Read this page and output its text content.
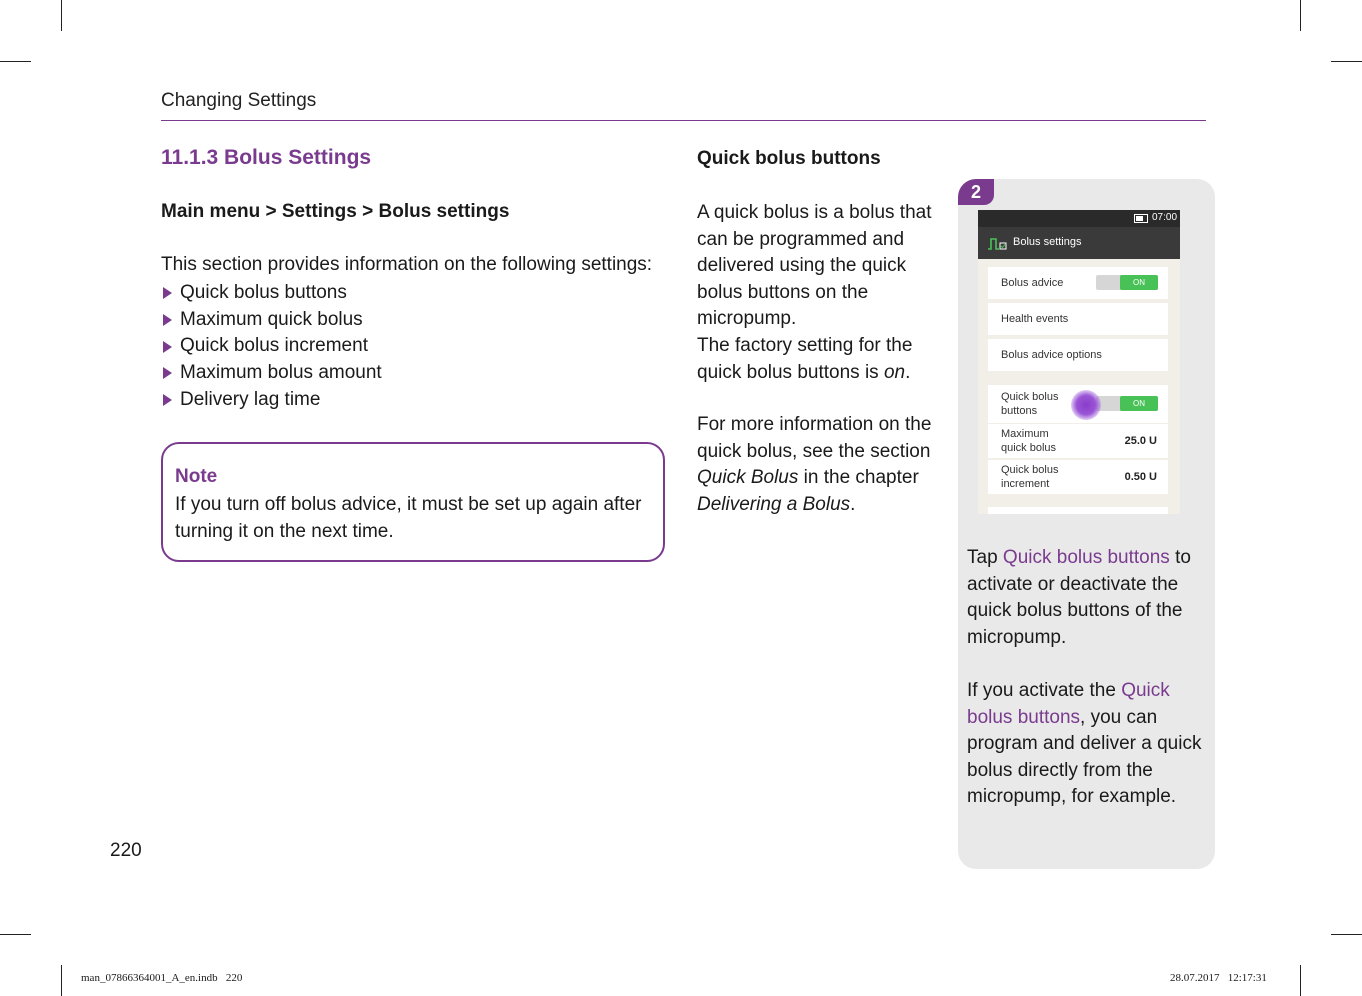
Changing Settings
11.1.3 Bolus Settings
Main menu > Settings > Bolus settings
This section provides information on the following settings:
Quick bolus buttons
Maximum quick bolus
Quick bolus increment
Maximum bolus amount
Delivery lag time
Note
If you turn off bolus advice, it must be set up again after turning it on the next time.
Quick bolus buttons
A quick bolus is a bolus that can be programmed and delivered using the quick bolus buttons on the micropump.
The factory setting for the quick bolus buttons is on.
For more information on the quick bolus, see the section Quick Bolus in the chapter Delivering a Bolus.
2
07:00
Bolus settings
Bolus advice	ON
Health events
Bolus advice options
Quick bolus buttons
ON
Maximum quick bolus
25.0 U
Quick bolus increment
0.50 U
Tap Quick bolus buttons to activate or deactivate the quick bolus buttons of the micropump.
If you activate the Quick bolus buttons, you can program and deliver a quick bolus directly from the micropump, for example.
220
man_07866364001_A_en.indb   220	28.07.2017   12:17:31
